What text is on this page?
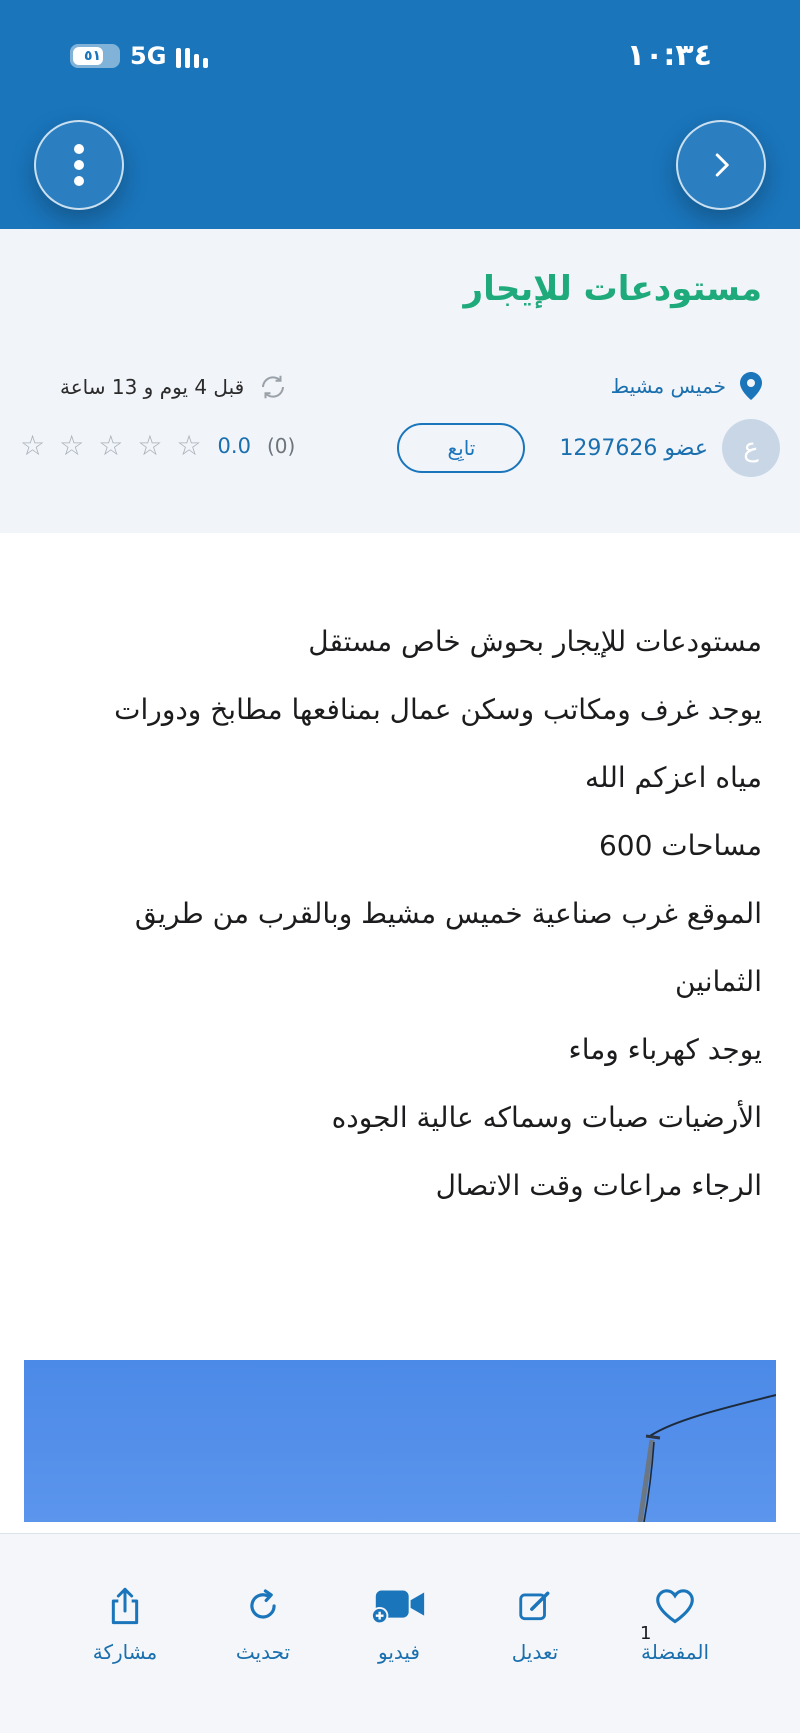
١٠:٣٤
٥١ 5G
مستودعات للإيجار
خميس مشيط
قبل 4 يوم و 13 ساعة
ع
عضو 1297626
تابِع
☆ ☆ ☆ ☆ ☆ 0.0 (0)
مستودعات للإيجار بحوش خاص مستقل
يوجد غرف ومكاتب وسكن عمال بمنافعها مطابخ ودورات
مياه اعزكم الله
مساحات 600
الموقع غرب صناعية خميس مشيط وبالقرب من طريق
الثمانين
يوجد كهرباء وماء
الأرضيات صبات وسماكه عالية الجوده
الرجاء مراعات وقت الاتصال
1
المفضلة
تعديل
فيديو
تحديث
مشاركة
